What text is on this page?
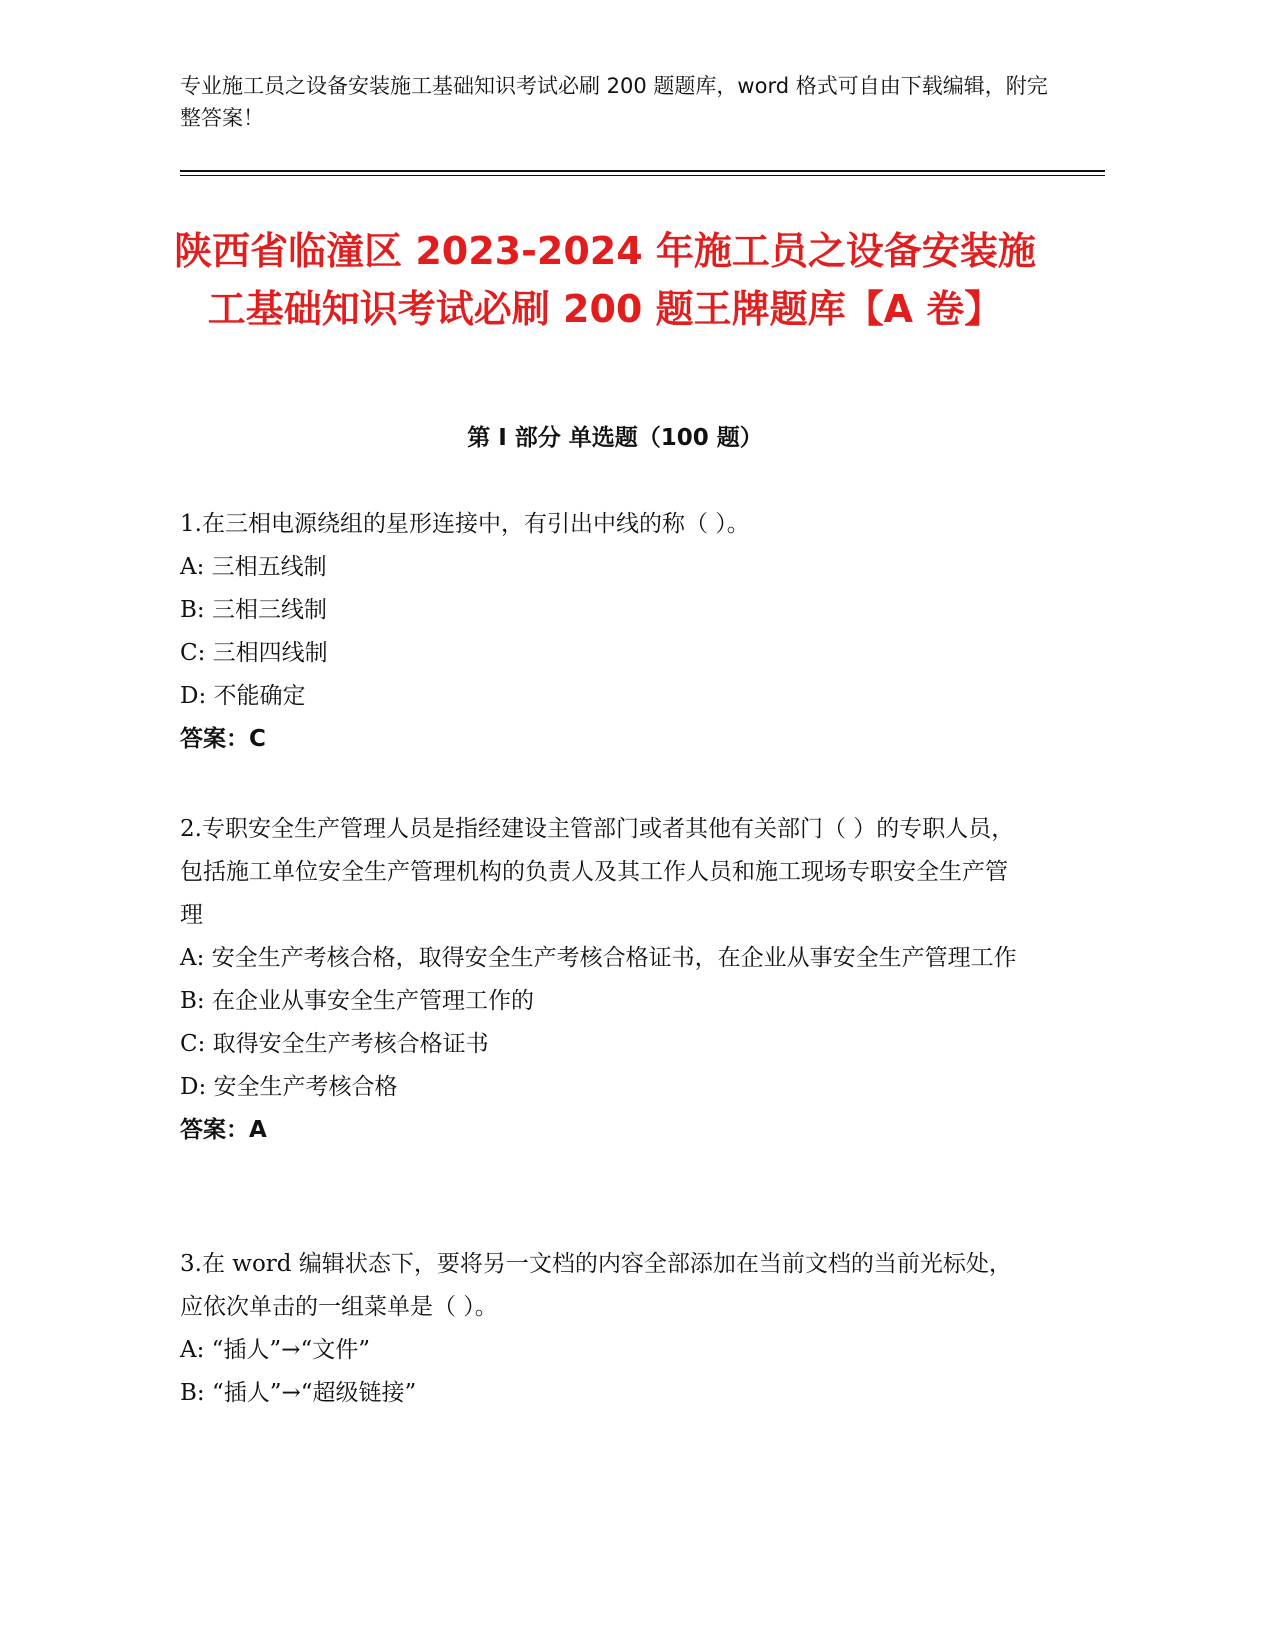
专业施工员之设备安装施工基础知识考试必刷 200 题题库，word 格式可自由下载编辑，附完整答案！
陕西省临潼区 2023-2024 年施工员之设备安装施工基础知识考试必刷 200 题王牌题库【A 卷】
第 I 部分 单选题（100 题）
1.在三相电源绕组的星形连接中，有引出中线的称（ ）。
A: 三相五线制
B: 三相三线制
C: 三相四线制
D: 不能确定
答案：C
2.专职安全生产管理人员是指经建设主管部门或者其他有关部门（ ）的专职人员，包括施工单位安全生产管理机构的负责人及其工作人员和施工现场专职安全生产管理
A: 安全生产考核合格，取得安全生产考核合格证书，在企业从事安全生产管理工作
B: 在企业从事安全生产管理工作的
C: 取得安全生产考核合格证书
D: 安全生产考核合格
答案：A
3.在 word 编辑状态下，要将另一文档的内容全部添加在当前文档的当前光标处，应依次单击的一组菜单是（ ）。
A: “插人”→“文件”
B: “插人”→“超级链接”
